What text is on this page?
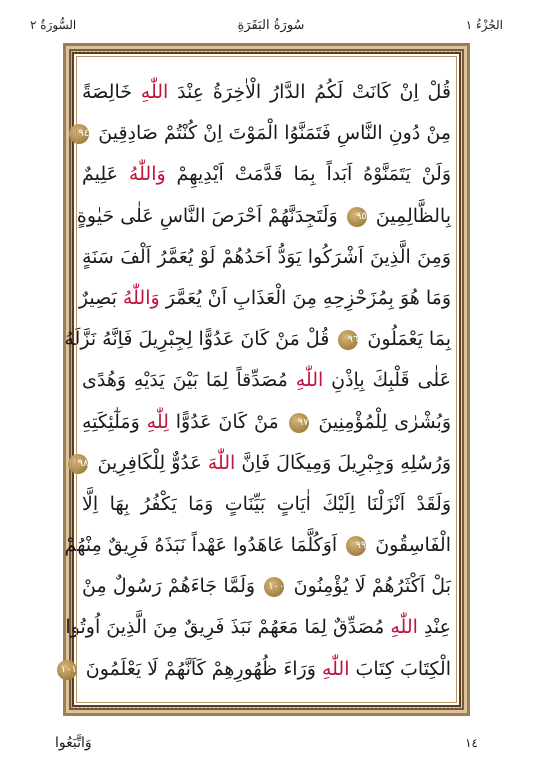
الجُزْءُ ١
سُورَةُ البَقَرَةِ
السُّورَةُ ٢
قُلْ اِنْ كَانَتْ لَكُمُ الدَّارُ الْاٰخِرَةُ عِنْدَ اللّٰهِ خَالِصَةً
مِنْ دُونِ النَّاسِ فَتَمَنَّوُا الْمَوْتَ اِنْ كُنْتُمْ صَادِقِينَ ٩٤
وَلَنْ يَتَمَنَّوْهُ اَبَداً بِمَا قَدَّمَتْ اَيْدِيهِمْ وَاللّٰهُ عَلِيمٌ
بِالظَّالِمِينَ ٩٥ وَلَتَجِدَنَّهُمْ اَحْرَصَ النَّاسِ عَلٰى حَيٰوةٍ
وَمِنَ الَّذِينَ اَشْرَكُوا يَوَدُّ اَحَدُهُمْ لَوْ يُعَمَّرُ اَلْفَ سَنَةٍ
وَمَا هُوَ بِمُزَحْزِحِهِ مِنَ الْعَذَابِ اَنْ يُعَمَّرَ وَاللّٰهُ بَصِيرٌ
بِمَا يَعْمَلُونَ ٩٦ قُلْ مَنْ كَانَ عَدُوًّا لِجِبْرِيلَ فَاِنَّهُ نَزَّلَهُ
عَلٰى قَلْبِكَ بِاِذْنِ اللّٰهِ مُصَدِّقاً لِمَا بَيْنَ يَدَيْهِ وَهُدًى
وَبُشْرٰى لِلْمُؤْمِنِينَ ٩٧ مَنْ كَانَ عَدُوًّا لِلّٰهِ وَمَلٰٓئِكَتِهِ
وَرُسُلِهِ وَجِبْرِيلَ وَمِيكَالَ فَاِنَّ اللّٰهَ عَدُوٌّ لِلْكَافِرِينَ ٩٨
وَلَقَدْ اَنْزَلْنَا اِلَيْكَ اٰيَاتٍ بَيِّنَاتٍ وَمَا يَكْفُرُ بِهَا اِلَّا
الْفَاسِقُونَ ٩٩ اَوَكُلَّمَا عَاهَدُوا عَهْداً نَبَذَهُ فَرِيقٌ مِنْهُمْ
بَلْ اَكْثَرُهُمْ لَا يُؤْمِنُونَ ١٠٠ وَلَمَّا جَاءَهُمْ رَسُولٌ مِنْ
عِنْدِ اللّٰهِ مُصَدِّقٌ لِمَا مَعَهُمْ نَبَذَ فَرِيقٌ مِنَ الَّذِينَ اُوتُوا
الْكِتَابَ كِتَابَ اللّٰهِ وَرَاءَ ظُهُورِهِمْ كَاَنَّهُمْ لَا يَعْلَمُونَ ١٠١
١٤
وَاتَّبَعُوا
